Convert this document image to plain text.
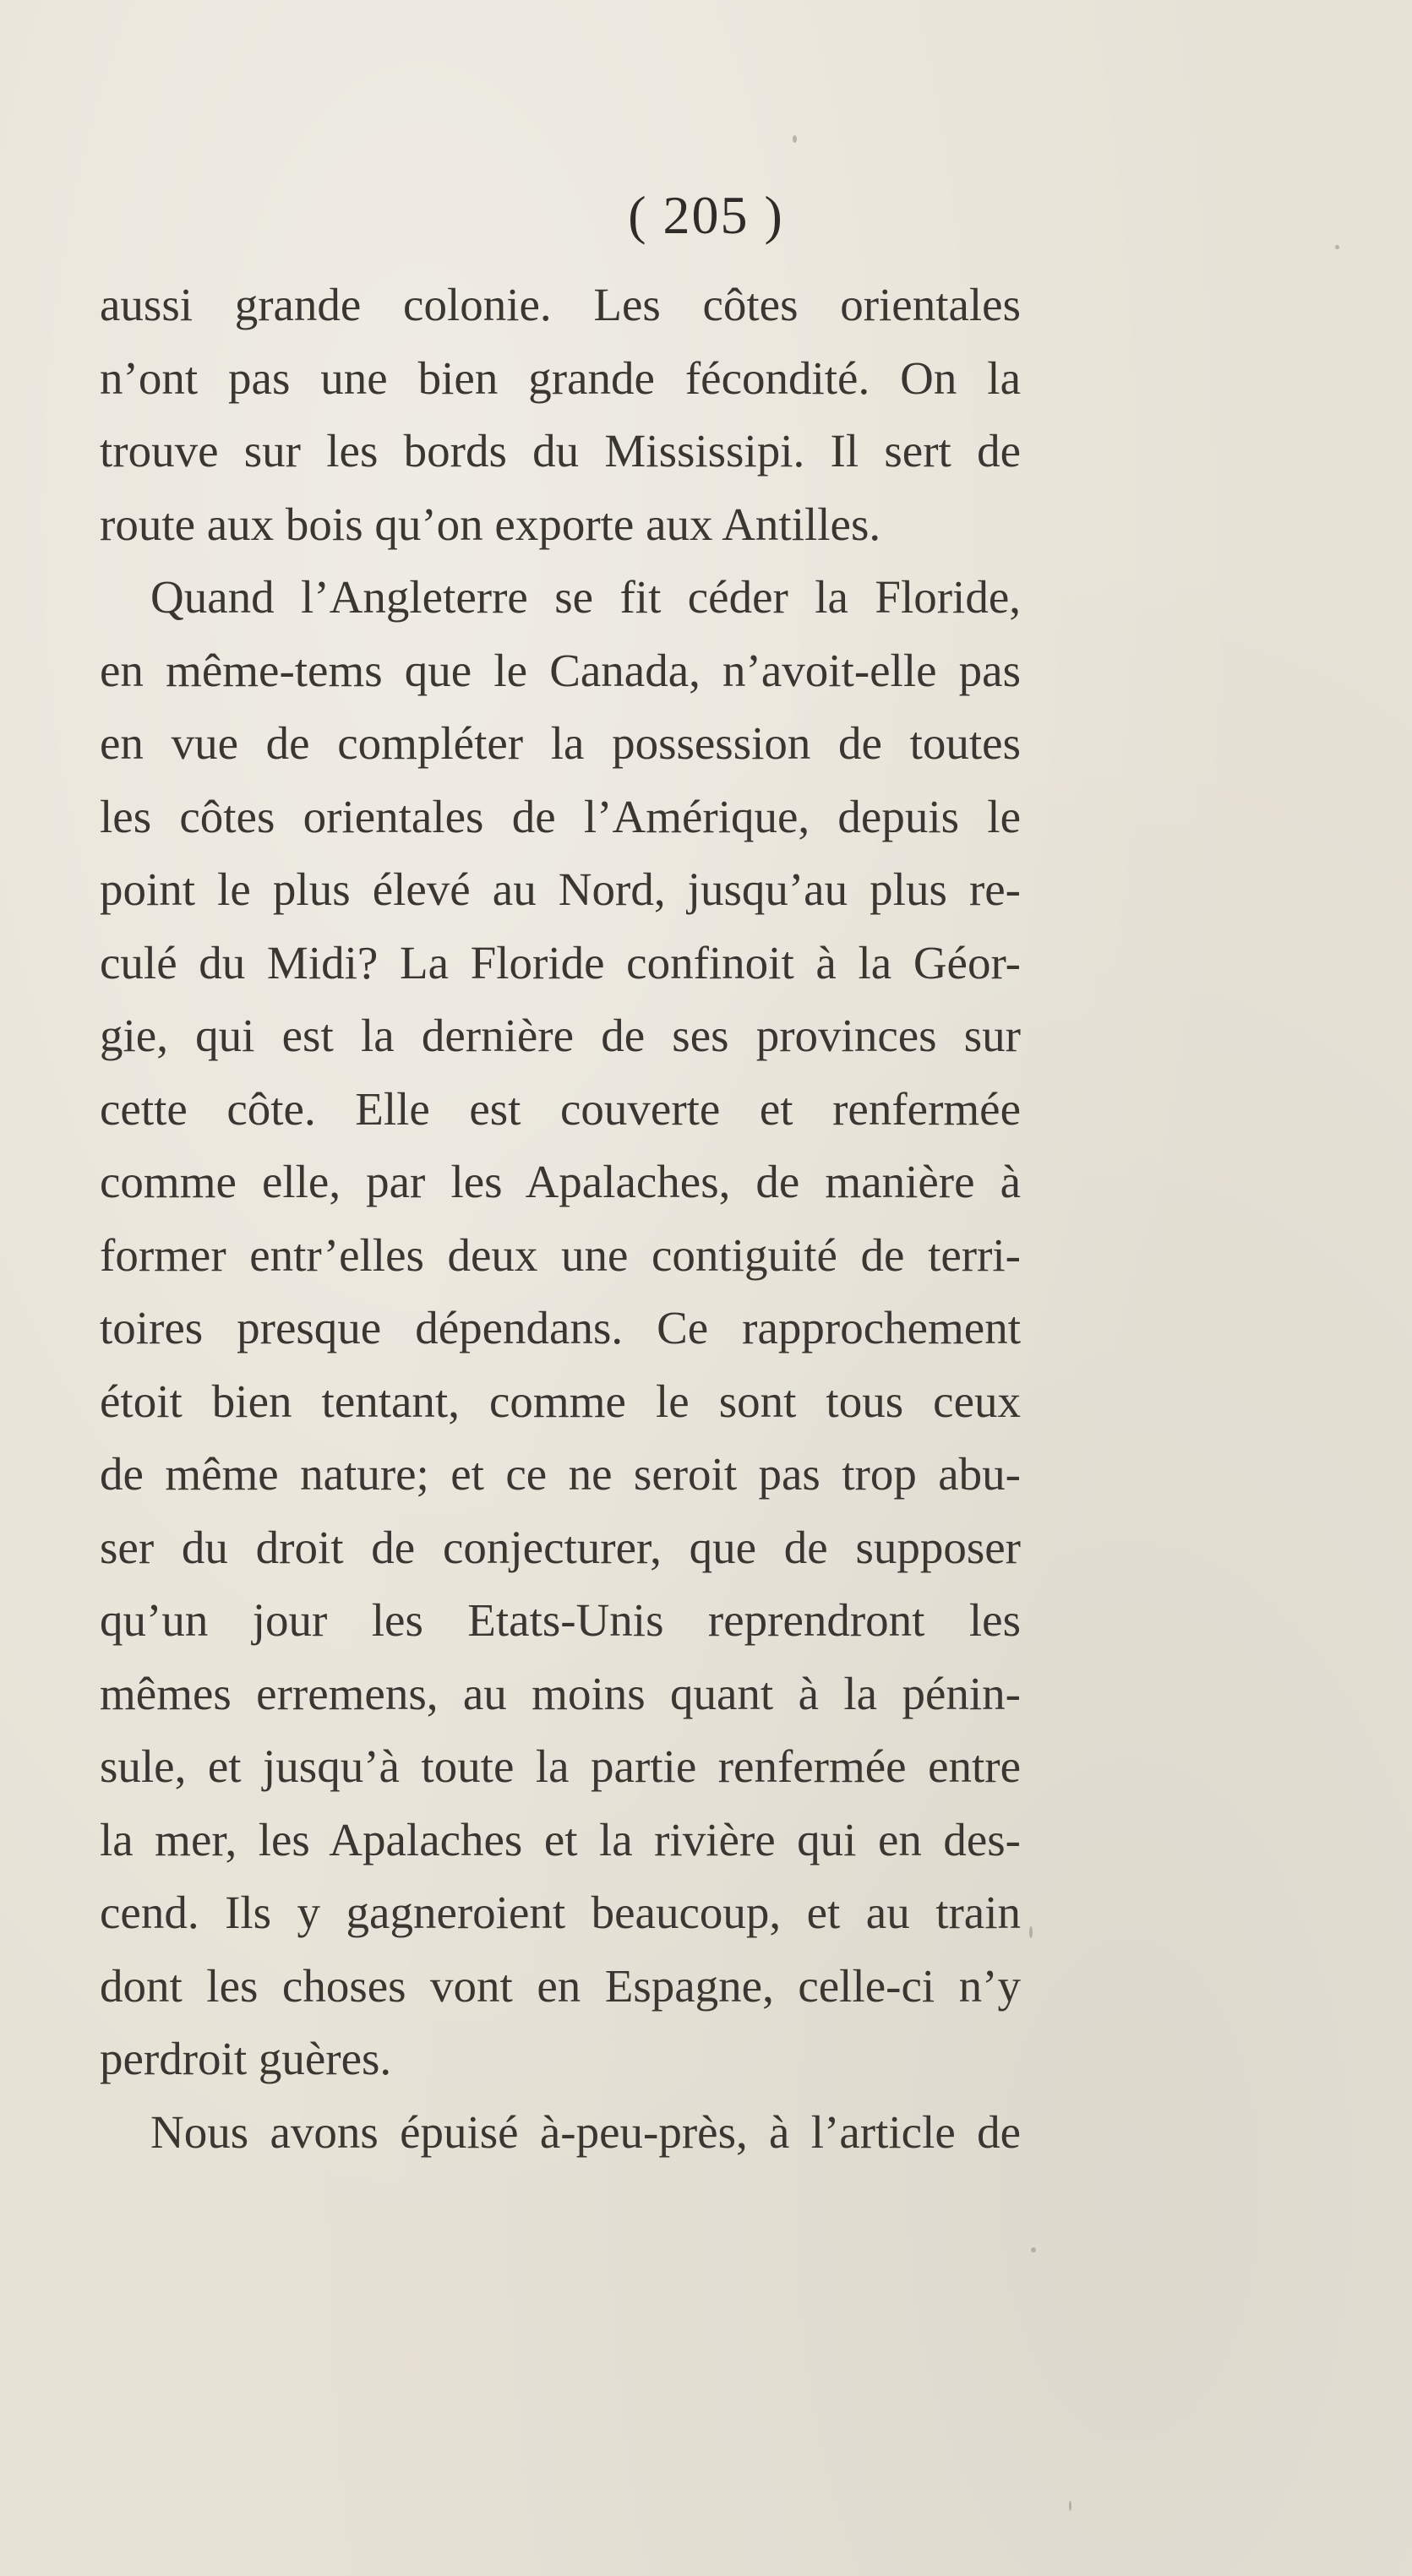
( 205 )
aussi grande colonie. Les côtes orientales
n’ont pas une bien grande fécondité. On la
trouve sur les bords du Mississipi. Il sert de
route aux bois qu’on exporte aux Antilles.
Quand l’Angleterre se fit céder la Floride,
en même-tems que le Canada, n’avoit-elle pas
en vue de compléter la possession de toutes
les côtes orientales de l’Amérique, depuis le
point le plus élevé au Nord, jusqu’au plus re-
culé du Midi? La Floride confinoit à la Géor-
gie, qui est la dernière de ses provinces sur
cette côte. Elle est couverte et renfermée
comme elle, par les Apalaches, de manière à
former entr’elles deux une contiguité de terri-
toires presque dépendans. Ce rapprochement
étoit bien tentant, comme le sont tous ceux
de même nature; et ce ne seroit pas trop abu-
ser du droit de conjecturer, que de supposer
qu’un jour les Etats-Unis reprendront les
mêmes erremens, au moins quant à la pénin-
sule, et jusqu’à toute la partie renfermée entre
la mer, les Apalaches et la rivière qui en des-
cend. Ils y gagneroient beaucoup, et au train
dont les choses vont en Espagne, celle-ci n’y
perdroit guères.
Nous avons épuisé à-peu-près, à l’article de
